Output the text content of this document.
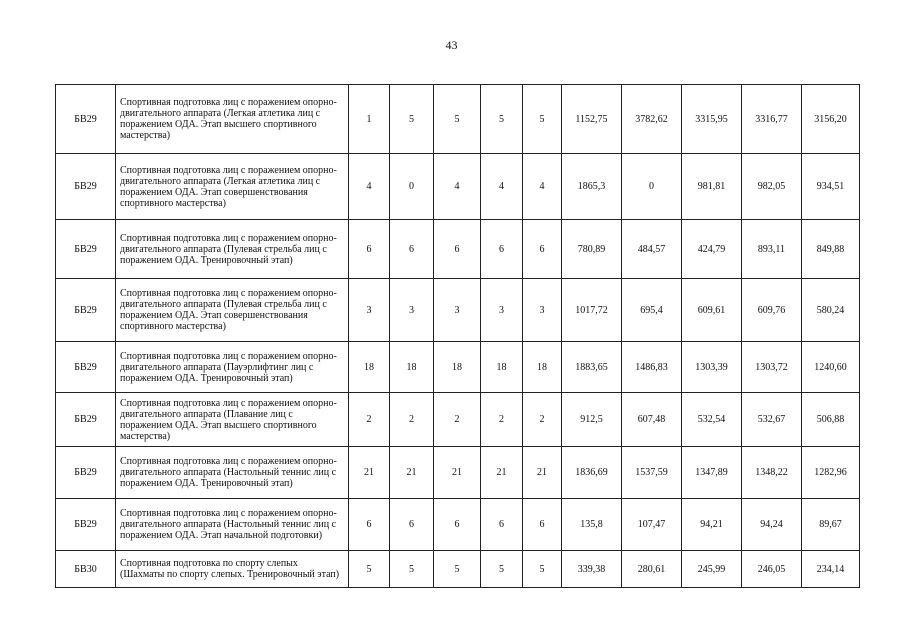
43
БВ29	Спортивная подготовка лиц с поражением опорно-двигательного аппарата (Легкая атлетика лиц с поражением ОДА. Этап высшего спортивного мастерства)	1	5	5	5	5	1152,75	3782,62	3315,95	3316,77	3156,20
БВ29	Спортивная подготовка лиц с поражением опорно-двигательного аппарата (Легкая атлетика лиц с поражением ОДА. Этап совершенствования спортивного мастерства)	4	0	4	4	4	1865,3	0	981,81	982,05	934,51
БВ29	Спортивная подготовка лиц с поражением опорно-двигательного аппарата (Пулевая стрельба лиц с поражением ОДА. Тренировочный этап)	6	6	6	6	6	780,89	484,57	424,79	893,11	849,88
БВ29	Спортивная подготовка лиц с поражением опорно-двигательного аппарата (Пулевая стрельба лиц с поражением ОДА. Этап совершенствования спортивного мастерства)	3	3	3	3	3	1017,72	695,4	609,61	609,76	580,24
БВ29	Спортивная подготовка лиц с поражением опорно-двигательного аппарата (Пауэрлифтинг лиц с поражением ОДА. Тренировочный этап)	18	18	18	18	18	1883,65	1486,83	1303,39	1303,72	1240,60
БВ29	Спортивная подготовка лиц с поражением опорно-двигательного аппарата (Плавание лиц с поражением ОДА. Этап высшего спортивного мастерства)	2	2	2	2	2	912,5	607,48	532,54	532,67	506,88
БВ29	Спортивная подготовка лиц с поражением опорно-двигательного аппарата (Настольный теннис лиц с поражением ОДА. Тренировочный этап)	21	21	21	21	21	1836,69	1537,59	1347,89	1348,22	1282,96
БВ29	Спортивная подготовка лиц с поражением опорно-двигательного аппарата (Настольный теннис лиц с поражением ОДА. Этап начальной подготовки)	6	6	6	6	6	135,8	107,47	94,21	94,24	89,67
БВ30	Спортивная подготовка по спорту слепых (Шахматы по спорту слепых. Тренировочный этап)	5	5	5	5	5	339,38	280,61	245,99	246,05	234,14
